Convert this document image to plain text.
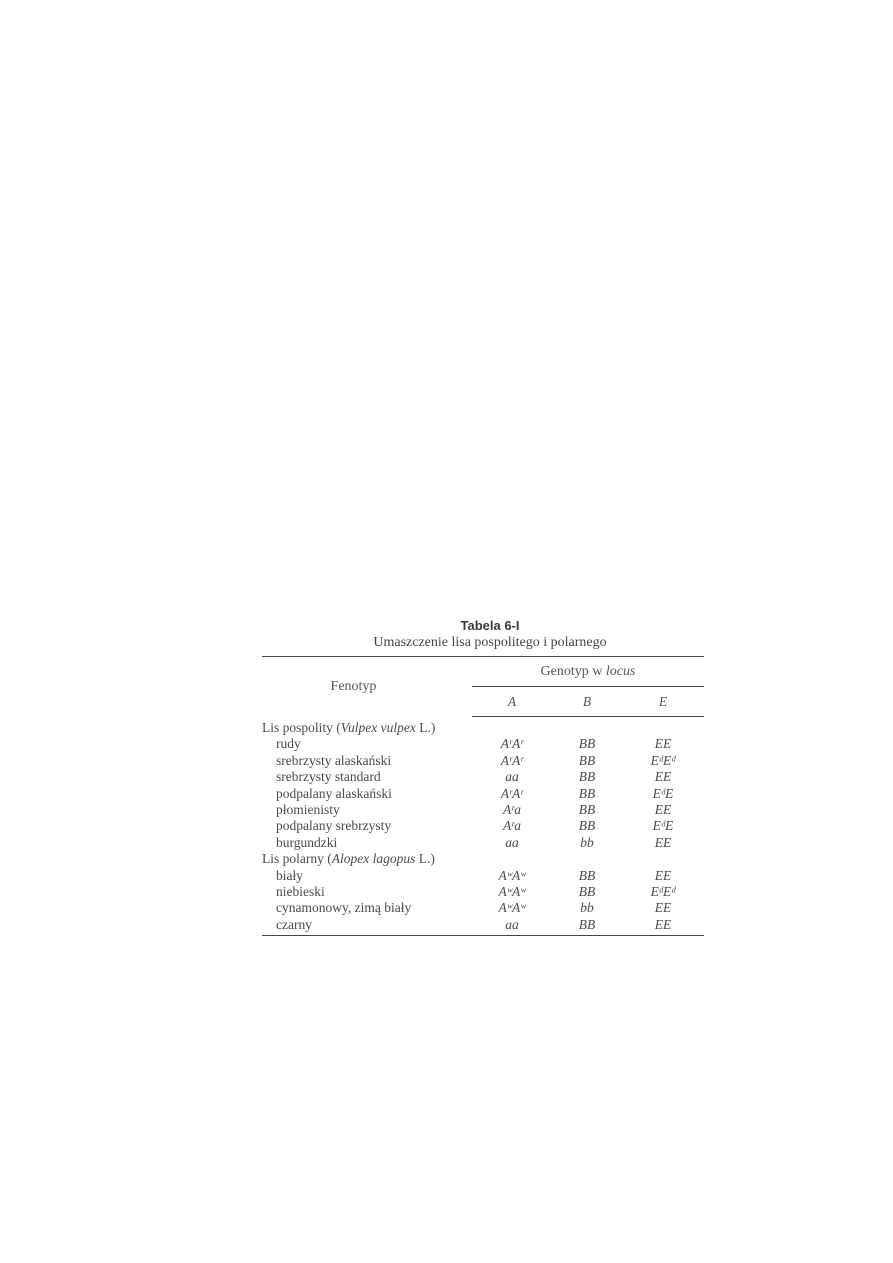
Tabela 6-I
Umaszczenie lisa pospolitego i polarnego
Fenotyp	Genotyp w locus		
	A	B	E
Lis pospolity (Vulpex vulpex L.)			
rudy	AʳAʳ	BB	EE
srebrzysty alaskański	AʳAʳ	BB	EᵈEᵈ
srebrzysty standard	aa	BB	EE
podpalany alaskański	AʳAʳ	BB	EᵈE
płomienisty	Aʳa	BB	EE
podpalany srebrzysty	Aʳa	BB	EᵈE
burgundzki	aa	bb	EE
Lis polarny (Alopex lagopus L.)			
biały	AʷAʷ	BB	EE
niebieski	AʷAʷ	BB	EᵈEᵈ
cynamonowy, zimą biały	AʷAʷ	bb	EE
czarny	aa	BB	EE
